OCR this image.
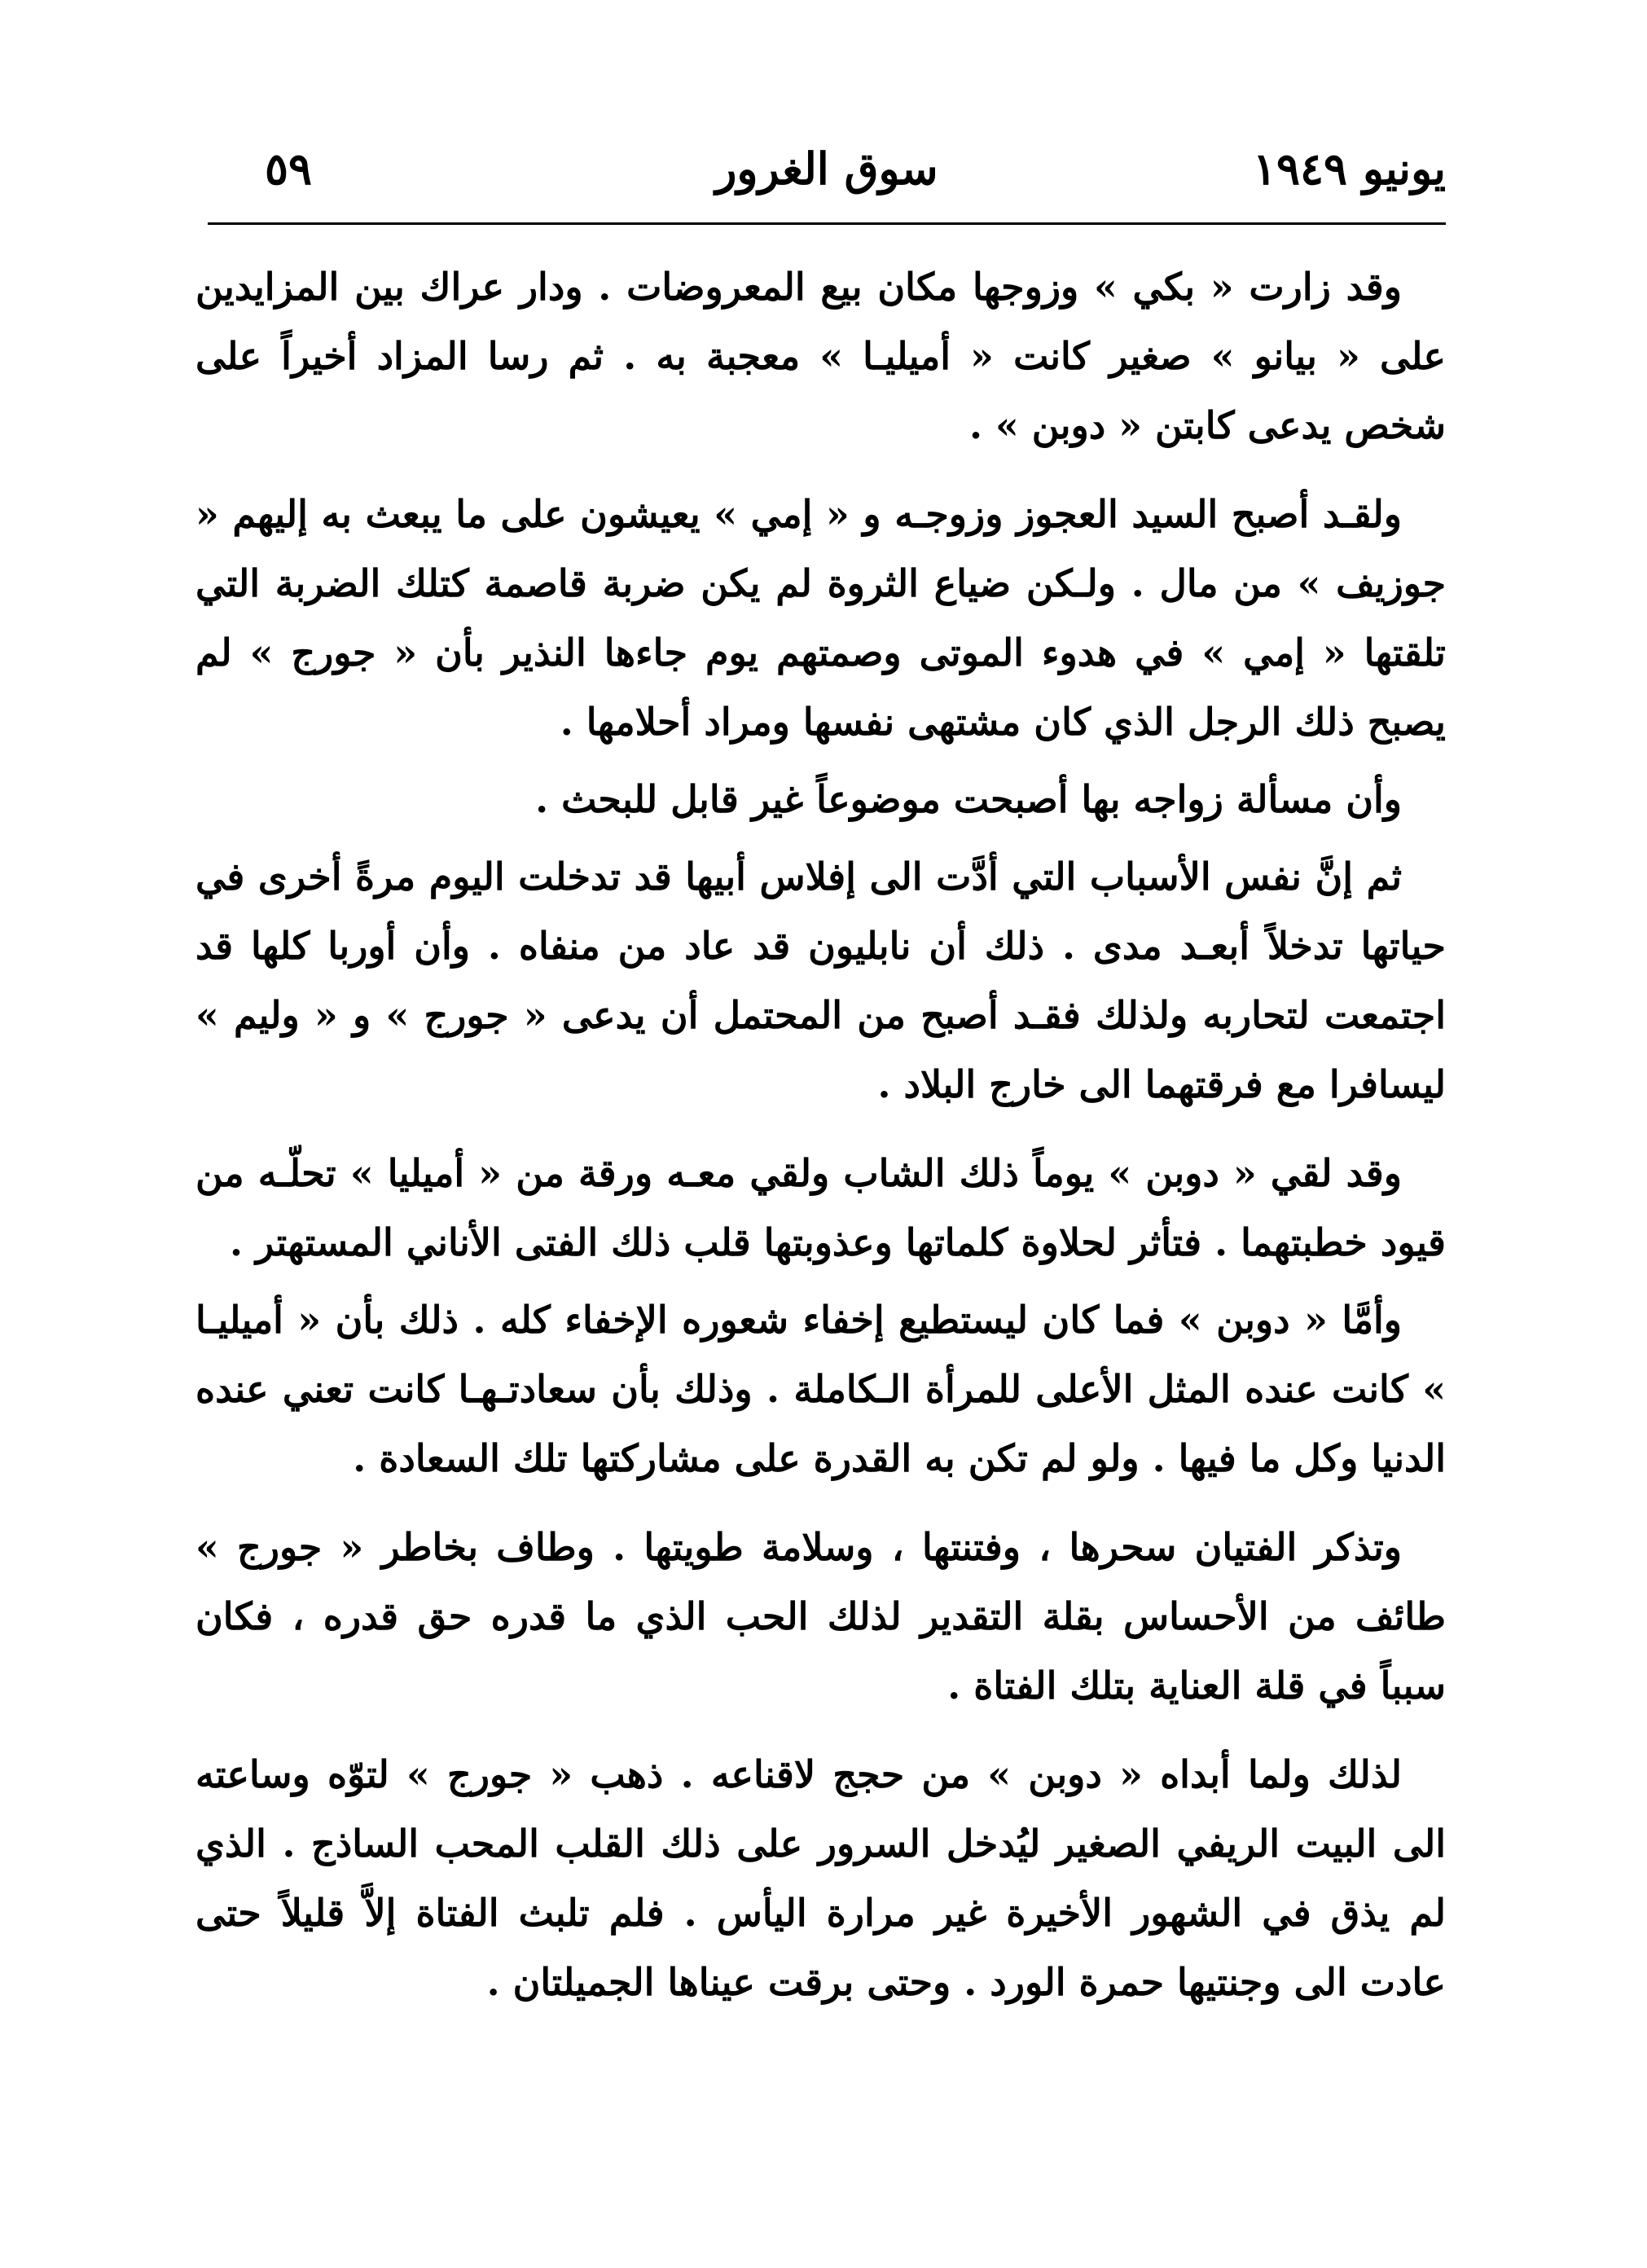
٥٩	سوق الغرور	يونيو ١٩٤٩

وقد زارت « بكي » وزوجها مكان بيع المعروضات . ودار عراك بين المزايدين على « بيانو » صغير كانت « أميليـا » معجبة به . ثم رسا المزاد أخيراً على شخص يدعى كابتن « دوبن » .

ولقـد أصبح السيد العجوز وزوجـه و « إمي » يعيشون على ما يبعث به إليهم « جوزيف » من مال . ولـكن ضياع الثروة لم يكن ضربة قاصمة كتلك الضربة التي تلقتها « إمي » في هدوء الموتى وصمتهم يوم جاءها النذير بأن « جورج » لم يصبح ذلك الرجل الذي كان مشتهى نفسها ومراد أحلامها .

وأن مسألة زواجه بها أصبحت موضوعاً غير قابل للبحث .

ثم إنَّ نفس الأسباب التي أدَّت الى إفلاس أبيها قد تدخلت اليوم مرةً أخرى في حياتها تدخلاً أبعـد مدى . ذلك أن نابليون قد عاد من منفاه . وأن أوربا كلها قد اجتمعت لتحاربه ولذلك فقـد أصبح من المحتمل أن يدعى « جورج » و « وليم » ليسافرا مع فرقتهما الى خارج البلاد .

وقد لقي « دوبن » يوماً ذلك الشاب ولقي معـه ورقة من « أميليا » تحلّـه من قيود خطبتهما . فتأثر لحلاوة كلماتها وعذوبتها قلب ذلك الفتى الأناني المستهتر .

وأمَّا « دوبن » فما كان ليستطيع إخفاء شعوره الإخفاء كله . ذلك بأن « أميليـا » كانت عنده المثل الأعلى للمرأة الـكاملة . وذلك بأن سعادتـهـا كانت تعني عنده الدنيا وكل ما فيها . ولو لم تكن به القدرة على مشاركتها تلك السعادة .

وتذكر الفتيان سحرها ، وفتنتها ، وسلامة طويتها . وطاف بخاطر « جورج » طائف من الأحساس بقلة التقدير لذلك الحب الذي ما قدره حق قدره ، فكان سبباً في قلة العناية بتلك الفتاة .

لذلك ولما أبداه « دوبن » من حجج لاقناعه . ذهب « جورج » لتوّه وساعته الى البيت الريفي الصغير ليُدخل السرور على ذلك القلب المحب الساذج . الذي لم يذق في الشهور الأخيرة غير مرارة اليأس . فلم تلبث الفتاة إلاَّ قليلاً حتى عادت الى وجنتيها حمرة الورد . وحتى برقت عيناها الجميلتان .
